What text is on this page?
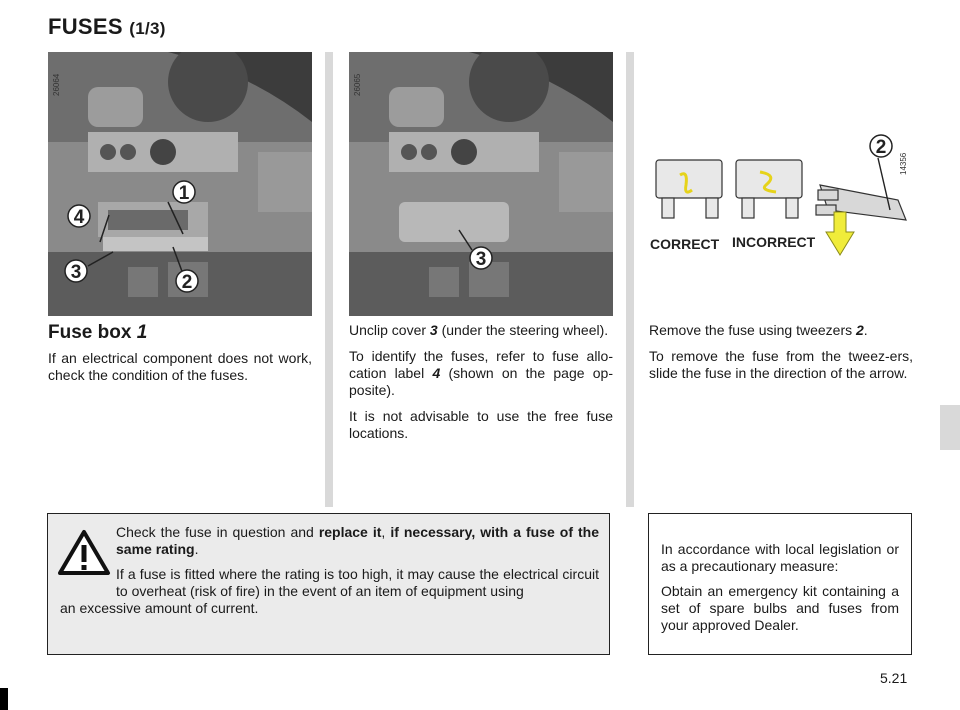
FUSES (1/3)
1
4
3	2
26064
3
26065
2
14356
CORRECT INCORRECT
Fuse box 1

If an electrical component does not work, check the condition of the fuses.

Unclip cover 3 (under the steering wheel).

To identify the fuses, refer to fuse allo-cation label 4 (shown on the page op-posite).

It is not advisable to use the free fuse locations.

Remove the fuse using tweezers 2.

To remove the fuse from the tweez-ers, slide the fuse in the direction of the arrow.

Check the fuse in question and replace it, if necessary, with a fuse of the same rating.

If a fuse is fitted where the rating is too high, it may cause the electrical circuit to overheat (risk of fire) in the event of an item of equipment using
an excessive amount of current.

In accordance with local legislation or as a precautionary measure:

Obtain an emergency kit containing a set of spare bulbs and fuses from your approved Dealer.

5.21
